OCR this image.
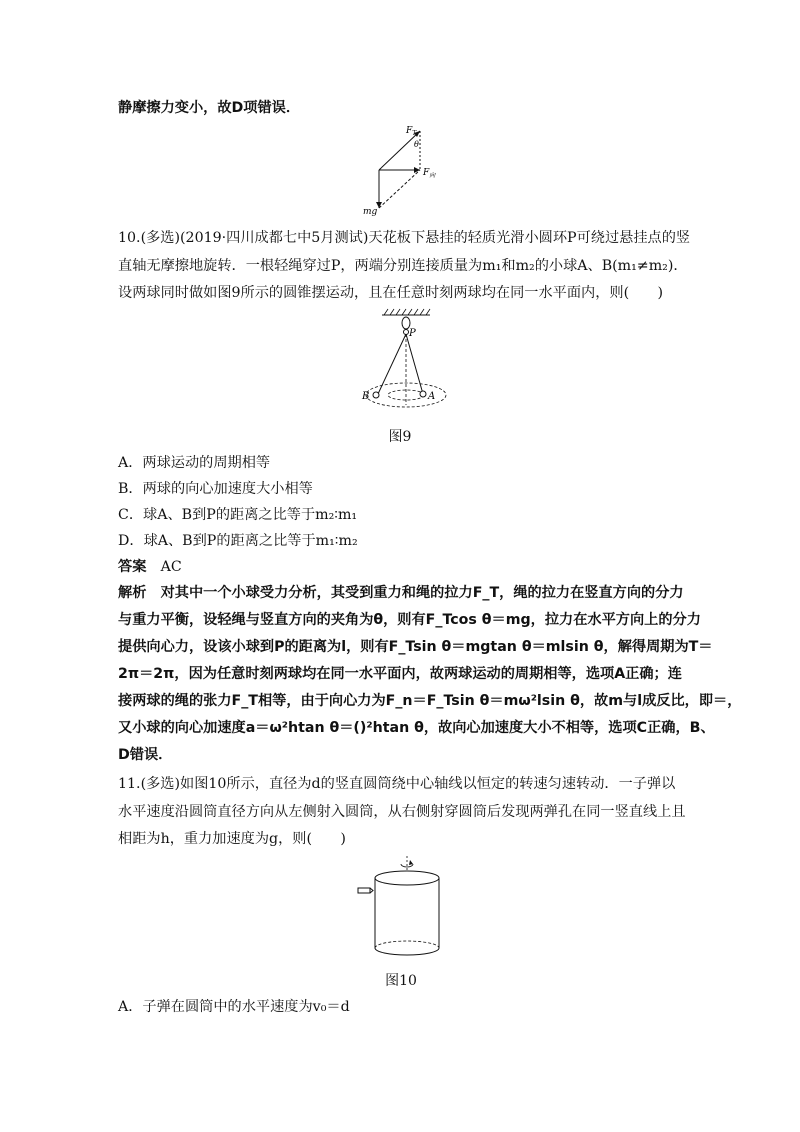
静摩擦力变小，故D项错误．
$F_T$
θ
$F_向$
mg
10.(多选)(2019·四川成都七中5月测试)天花板下悬挂的轻质光滑小圆环P可绕过悬挂点的竖
直轴无摩擦地旋转．一根轻绳穿过P，两端分别连接质量为m₁和m₂的小球A、B(m₁≠m₂)．
设两球同时做如图9所示的圆锥摆运动，且在任意时刻两球均在同一水平面内，则(　　)
P
B	A
图9
A．两球运动的周期相等
B．两球的向心加速度大小相等
C．球A、B到P的距离之比等于m₂∶m₁
D．球A、B到P的距离之比等于m₁∶m₂
答案　 AC
解析　对其中一个小球受力分析，其受到重力和绳的拉力F_T，绳的拉力在竖直方向的分力
与重力平衡，设轻绳与竖直方向的夹角为θ，则有F_Tcos θ＝mg，拉力在水平方向上的分力
提供向心力，设该小球到P的距离为l，则有F_Tsin θ＝mgtan θ＝mlsin θ，解得周期为T＝
2π＝2π，因为任意时刻两球均在同一水平面内，故两球运动的周期相等，选项A正确；连
接两球的绳的张力F_T相等，由于向心力为F_n＝F_Tsin θ＝mω²lsin θ，故m与l成反比，即＝，
又小球的向心加速度a＝ω²htan θ＝()²htan θ，故向心加速度大小不相等，选项C正确，B、
D错误．
11.(多选)如图10所示，直径为d的竖直圆筒绕中心轴线以恒定的转速匀速转动．一子弹以
水平速度沿圆筒直径方向从左侧射入圆筒，从右侧射穿圆筒后发现两弹孔在同一竖直线上且
相距为h，重力加速度为g，则(　　)
图10
A．子弹在圆筒中的水平速度为v₀＝d
